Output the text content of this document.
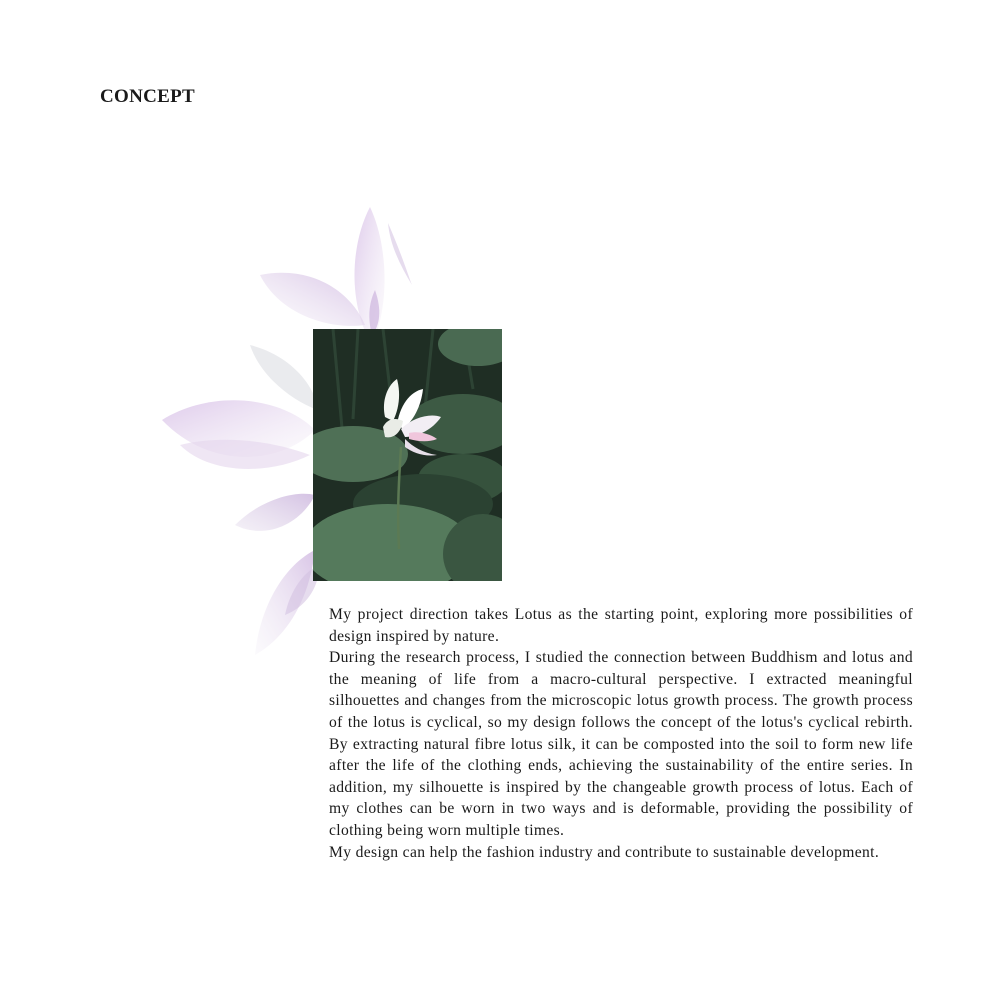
CONCEPT

My project direction takes Lotus as the starting point, exploring more possibilities of design inspired by nature.

During the research process, I studied the connection between Buddhism and lotus and the meaning of life from a macro-cultural perspective. I extracted meaningful silhouettes and changes from the microscopic lotus growth process. The growth process of the lotus is cyclical, so my design follows the concept of the lotus's cyclical rebirth. By extracting natural fibre lotus silk, it can be composted into the soil to form new life after the life of the clothing ends, achieving the sustainability of the entire series. In addition, my silhouette is inspired by the changeable growth process of lotus. Each of my clothes can be worn in two ways and is deformable, providing the possibility of clothing being worn multiple times.

My design can help the fashion industry and contribute to sustainable development.
